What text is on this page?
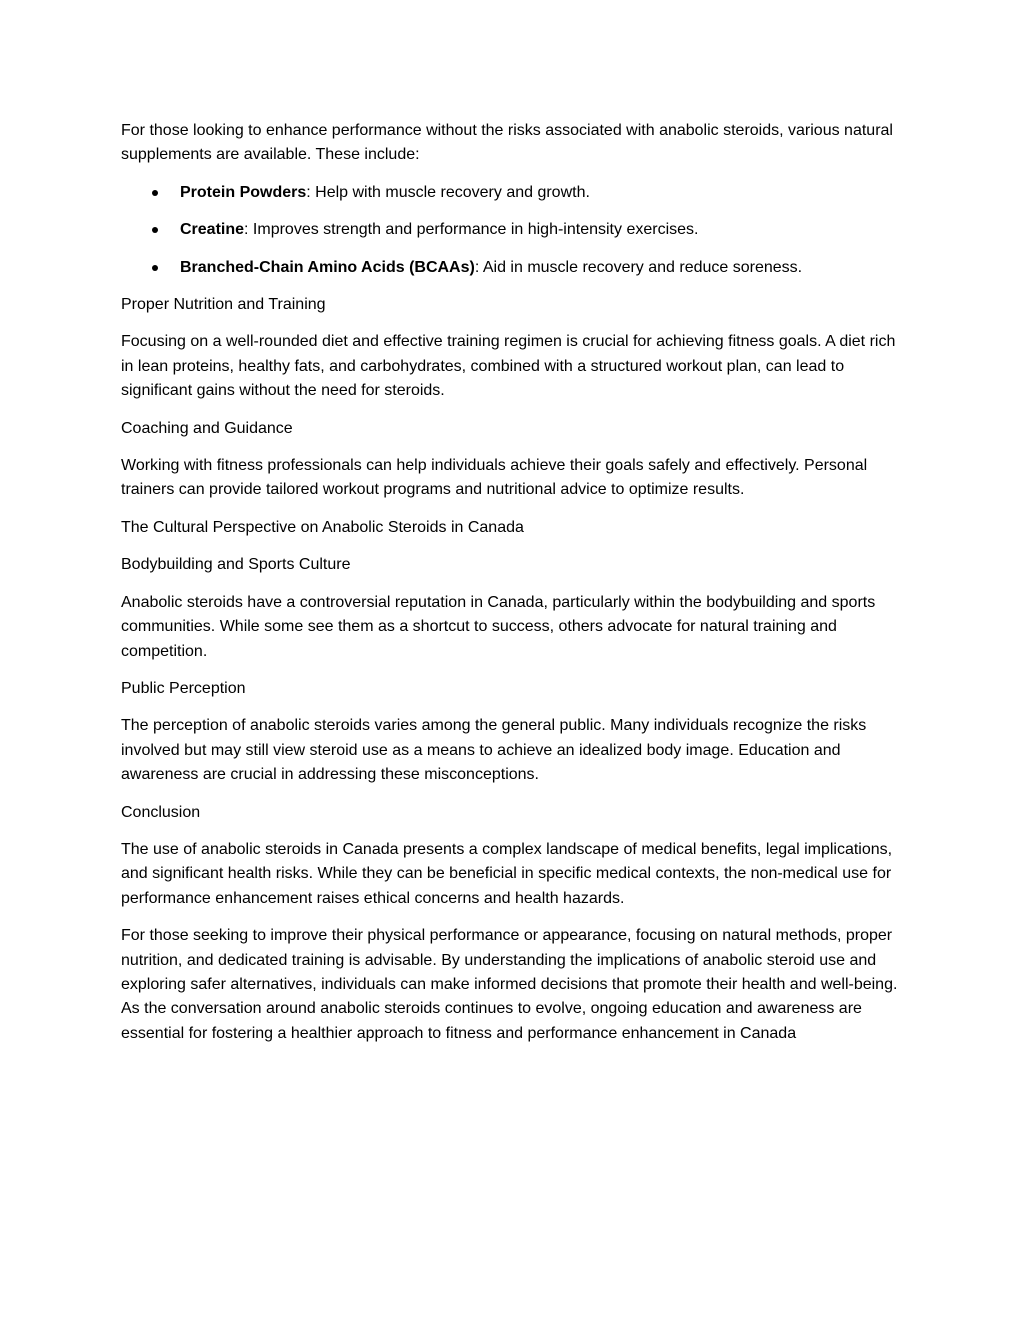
For those looking to enhance performance without the risks associated with anabolic steroids, various natural supplements are available. These include:

Protein Powders: Help with muscle recovery and growth.
Creatine: Improves strength and performance in high-intensity exercises.
Branched-Chain Amino Acids (BCAAs): Aid in muscle recovery and reduce soreness.

Proper Nutrition and Training

Focusing on a well-rounded diet and effective training regimen is crucial for achieving fitness goals. A diet rich in lean proteins, healthy fats, and carbohydrates, combined with a structured workout plan, can lead to significant gains without the need for steroids.

Coaching and Guidance

Working with fitness professionals can help individuals achieve their goals safely and effectively. Personal trainers can provide tailored workout programs and nutritional advice to optimize results.

The Cultural Perspective on Anabolic Steroids in Canada

Bodybuilding and Sports Culture

Anabolic steroids have a controversial reputation in Canada, particularly within the bodybuilding and sports communities. While some see them as a shortcut to success, others advocate for natural training and competition.

Public Perception

The perception of anabolic steroids varies among the general public. Many individuals recognize the risks involved but may still view steroid use as a means to achieve an idealized body image. Education and awareness are crucial in addressing these misconceptions.

Conclusion

The use of anabolic steroids in Canada presents a complex landscape of medical benefits, legal implications, and significant health risks. While they can be beneficial in specific medical contexts, the non-medical use for performance enhancement raises ethical concerns and health hazards.

For those seeking to improve their physical performance or appearance, focusing on natural methods, proper nutrition, and dedicated training is advisable. By understanding the implications of anabolic steroid use and exploring safer alternatives, individuals can make informed decisions that promote their health and well-being. As the conversation around anabolic steroids continues to evolve, ongoing education and awareness are essential for fostering a healthier approach to fitness and performance enhancement in Canada
